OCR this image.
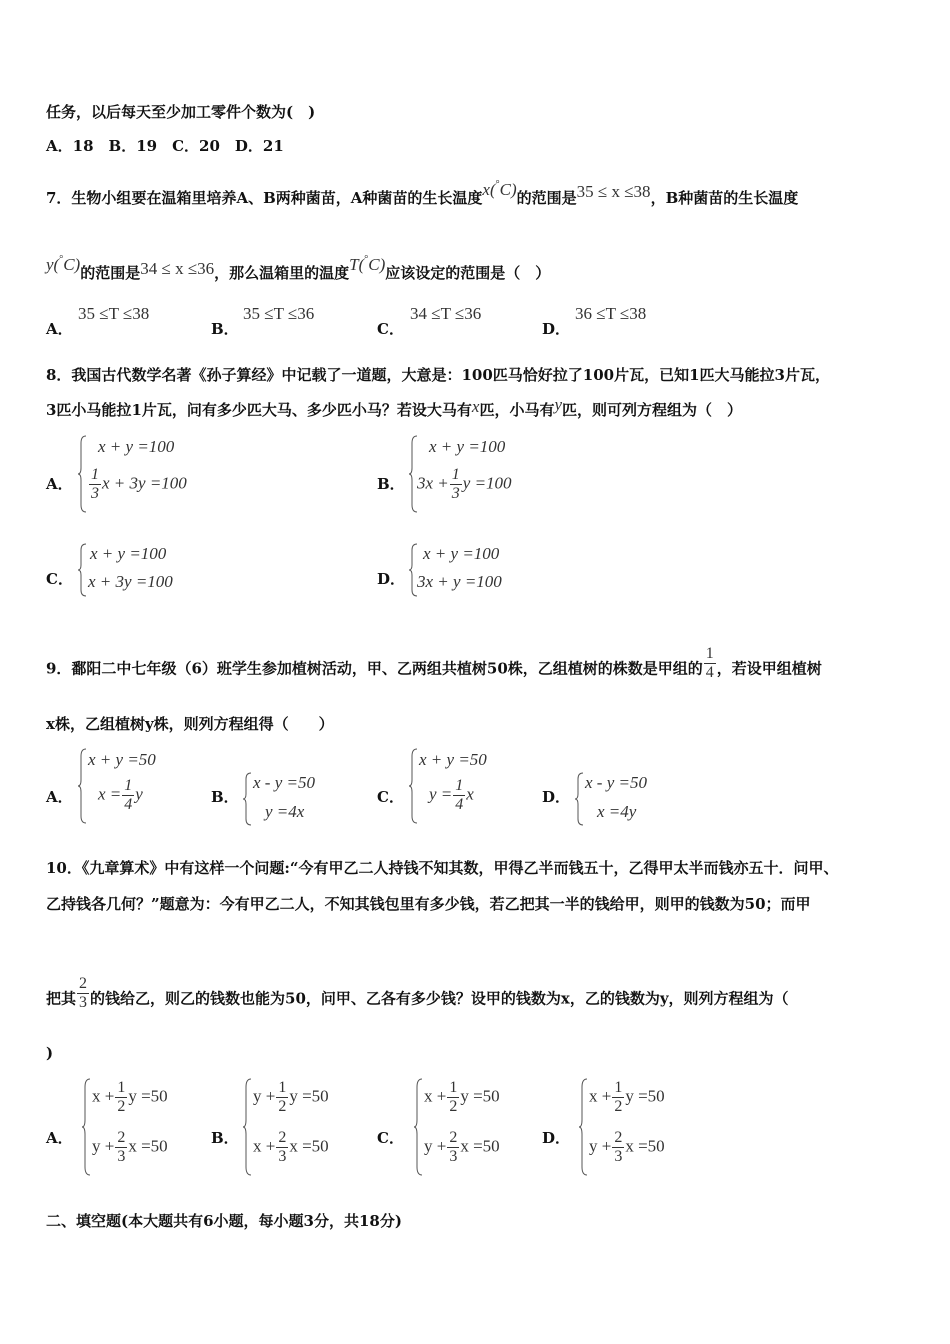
任务，以后每天至少加工零件个数为(　)
A．18　B．19　C．20　D．21
7．生物小组要在温箱里培养A、B两种菌苗，A种菌苗的生长温度x(°C)的范围是35 ≤ x ≤38，B种菌苗的生长温度
y(°C)的范围是34 ≤ x ≤36，那么温箱里的温度T(°C)应该设定的范围是（　）
A．
35 ≤T ≤38
B．
35 ≤T ≤36
C．
34 ≤T ≤36
D．
36 ≤T ≤38
8．我国古代数学名著《孙子算经》中记载了一道题，大意是：100匹马恰好拉了100片瓦，已知1匹大马能拉3片瓦，
3匹小马能拉1片瓦，问有多少匹大马、多少匹小马？若设大马有x匹，小马有y匹，则可列方程组为（　）
A．
x + y =100
$\frac{1}{3}$ x + 3y =100	B．
x + y =100
$3x + \frac{1}{3}$ y =100
C．
x + y =100
x + 3y =100	D．
x + y =100
3x + y =100
9．鄱阳二中七年级（6）班学生参加植树活动，甲、乙两组共植树50株，乙组植树的株数是甲组的 $\frac{1}{4}$ ，若设甲组植树
x株，乙组植树y株，则列方程组得（　　）
A．
x + y =50
$x = \frac{1}{4}$ y	B．
x - y =50
y =4x
C．
x + y =50
$y = \frac{1}{4}$ x	D．
x - y =50
x =4y
10．《九章算术》中有这样一个问题:“今有甲乙二人持钱不知其数，甲得乙半而钱五十，乙得甲太半而钱亦五十．问甲、
乙持钱各几何？”题意为：今有甲乙二人，不知其钱包里有多少钱，若乙把其一半的钱给甲，则甲的钱数为50；而甲
把其 $\frac{2}{3}$ 的钱给乙，则乙的钱数也能为50，问甲、乙各有多少钱？设甲的钱数为x，乙的钱数为y，则列方程组为（
)
A．
$x + \frac{1}{2}$ y =50
$y + \frac{2}{3}$ x =50	B．
$y + \frac{1}{2}$ y =50
$x + \frac{2}{3}$ x =50	C．
$x + \frac{1}{2}$ y =50
$y + \frac{2}{3}$ x =50	D．
$x + \frac{1}{2}$ y =50
$y + \frac{2}{3}$ x =50
二、填空题(本大题共有6小题，每小题3分，共18分)
